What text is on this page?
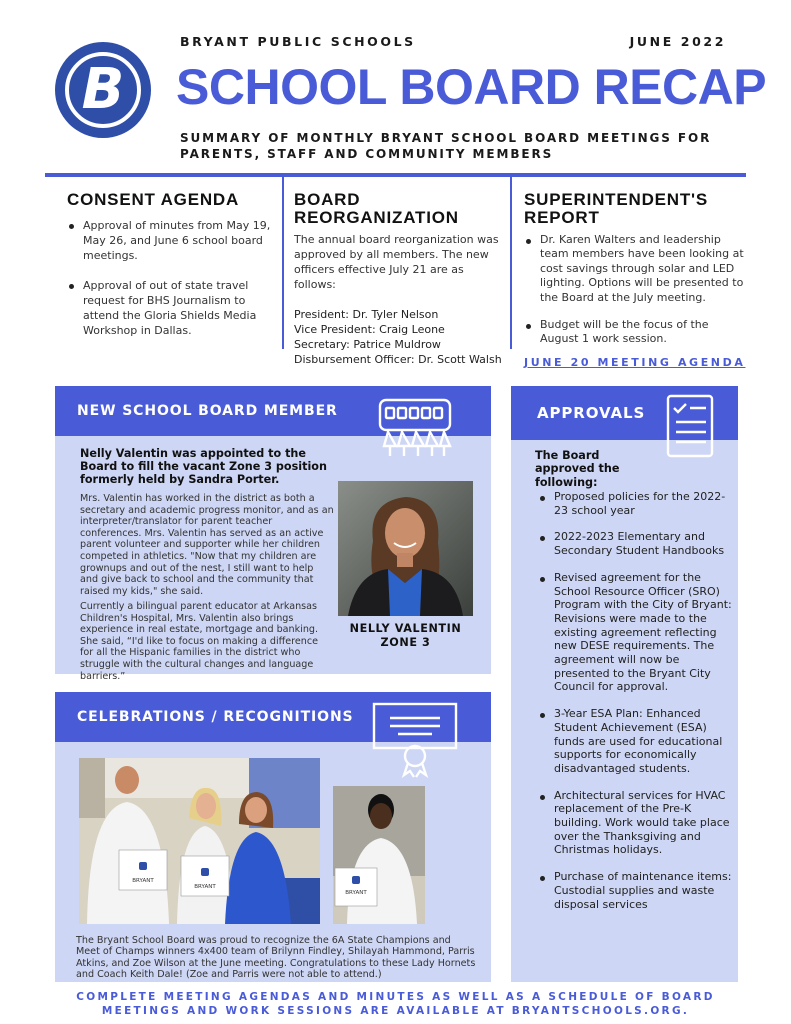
B
BRYANT PUBLIC SCHOOLS	JUNE 2022
SCHOOL BOARD RECAP
SUMMARY OF MONTHLY BRYANT SCHOOL BOARD MEETINGS FOR PARENTS, STAFF AND COMMUNITY MEMBERS
CONSENT AGENDA
Approval of minutes from May 19, May 26, and June 6 school board meetings.
Approval of out of state travel request for BHS Journalism to attend the Gloria Shields Media Workshop in Dallas.
BOARD REORGANIZATION
The annual board reorganization was approved by all members. The new officers effective July 21 are as follows:
President: Dr. Tyler Nelson
Vice President: Craig Leone
Secretary: Patrice Muldrow
Disbursement Officer: Dr. Scott Walsh
SUPERINTENDENT'S REPORT
Dr. Karen Walters and leadership team members have been looking at cost savings through solar and LED lighting. Options will be presented to the Board at the July meeting.
Budget will be the focus of the August 1 work session.
JUNE 20 MEETING AGENDA
NEW SCHOOL BOARD MEMBER
Nelly Valentin was appointed to the Board to fill the vacant Zone 3 position formerly held by Sandra Porter.
Mrs. Valentin has worked in the district as both a secretary and academic progress monitor, and as an interpreter/translator for parent teacher conferences. Mrs. Valentin has served as an active parent volunteer and supporter while her children competed in athletics. "Now that my children are grownups and out of the nest, I still want to help and give back to school and the community that raised my kids," she said.
Currently a bilingual parent educator at Arkansas Children's Hospital, Mrs. Valentin also brings experience in real estate, mortgage and banking. She said, “I'd like to focus on making a difference for all the Hispanic families in the district who struggle with the cultural changes and language barriers.”
NELLY VALENTIN
ZONE 3
CELEBRATIONS / RECOGNITIONS
BRYANT
BRYANT
BRYANT
The Bryant School Board was proud to recognize the 6A State Champions and Meet of Champs winners 4x400 team of Brilynn Findley, Shilayah Hammond, Parris Atkins, and Zoe Wilson at the June meeting. Congratulations to these Lady Hornets and Coach Keith Dale! (Zoe and Parris were not able to attend.)
APPROVALS
The Board approved the following:
Proposed policies for the 2022-23 school year
2022-2023 Elementary and Secondary Student Handbooks
Revised agreement for the School Resource Officer (SRO) Program with the City of Bryant: Revisions were made to the existing agreement reflecting new DESE requirements. The agreement will now be presented to the Bryant City Council for approval.
3-Year ESA Plan: Enhanced Student Achievement (ESA) funds are used for educational supports for economically disadvantaged students.
Architectural services for HVAC replacement of the Pre-K building. Work would take place over the Thanksgiving and Christmas holidays.
Purchase of maintenance items: Custodial supplies and waste disposal services
COMPLETE MEETING AGENDAS AND MINUTES AS WELL AS A SCHEDULE OF BOARD MEETINGS AND WORK SESSIONS ARE AVAILABLE AT BRYANTSCHOOLS.ORG.
